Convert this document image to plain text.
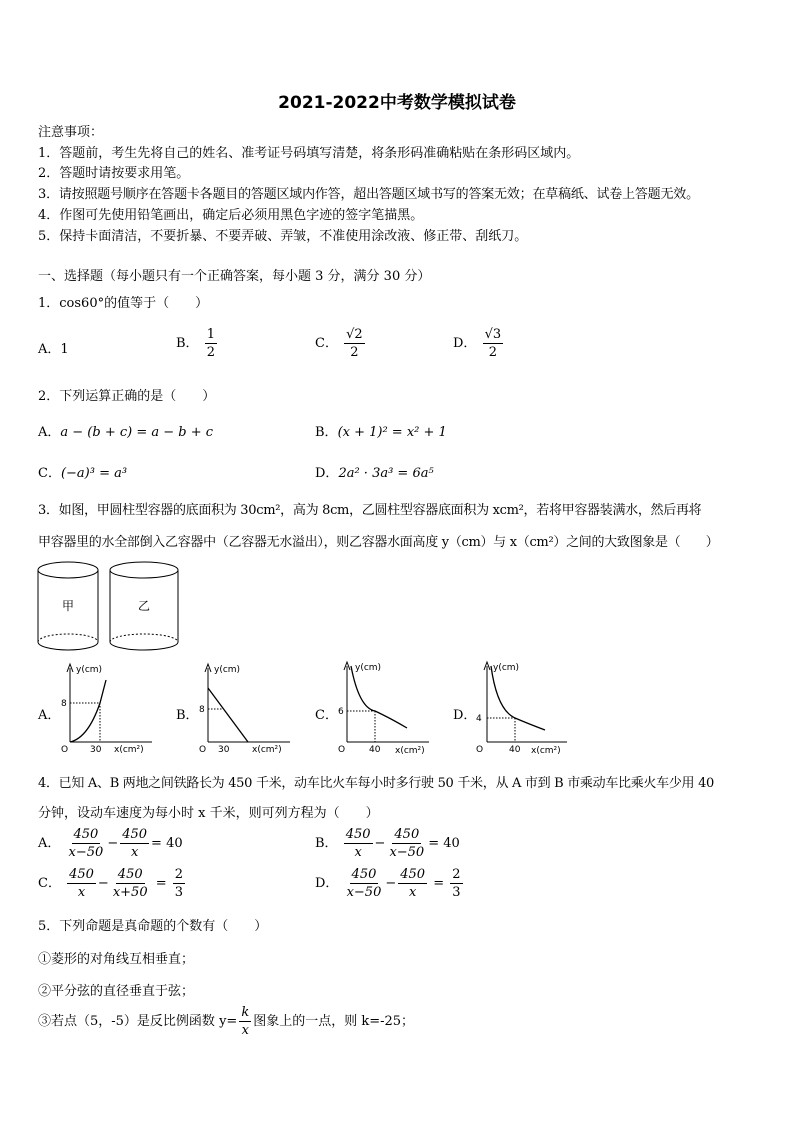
2021-2022中考数学模拟试卷
注意事项：
1．答题前，考生先将自己的姓名、准考证号码填写清楚，将条形码准确粘贴在条形码区域内。
2．答题时请按要求用笔。
3．请按照题号顺序在答题卡各题目的答题区域内作答，超出答题区域书写的答案无效；在草稿纸、试卷上答题无效。
4．作图可先使用铅笔画出，确定后必须用黑色字迹的签字笔描黑。
5．保持卡面清洁，不要折暴、不要弄破、弄皱，不准使用涂改液、修正带、刮纸刀。
一、选择题（每小题只有一个正确答案，每小题 3 分，满分 30 分）
1．cos60°的值等于（　　）
A．1	B． $\frac{1}{2}$	C． $\frac{√2}{2}$	D． $\frac{√3}{2}$
2．下列运算正确的是（　　）
A．a − (b + c) = a − b + c	B．(x + 1)² = x² + 1
C．(−a)³ = a³	D．2a² · 3a³ = 6a⁵
3．如图，甲圆柱型容器的底面积为 30cm²，高为 8cm，乙圆柱型容器底面积为 xcm²，若将甲容器装满水，然后再将
甲容器里的水全部倒入乙容器中（乙容器无水溢出），则乙容器水面高度 y（cm）与 x（cm²）之间的大致图象是（　　）
甲	乙
A．
y(cm)
x(cm²)
O
8
30
B．
y(cm)
x(cm²)
O
8
30
C．
y(cm)
x(cm²)
O
6
40
D．
y(cm)
x(cm²)
O
4
40
4．已知 A、B 两地之间铁路长为 450 千米，动车比火车每小时多行驶 50 千米，从 A 市到 B 市乘动车比乘火车少用 40
分钟，设动车速度为每小时 x 千米，则可列方程为（　　）
A． $\frac{450}{x-50} - \frac{450}{x} = 40$	B． $\frac{450}{x} - \frac{450}{x-50} = 40$
C． $\frac{450}{x} - \frac{450}{x+50} = \frac{2}{3}$	D． $\frac{450}{x-50} - \frac{450}{x} = \frac{2}{3}$
5．下列命题是真命题的个数有（　　）
①菱形的对角线互相垂直；
②平分弦的直径垂直于弦；
③若点（5，-5）是反比例函数 $y= \frac{k}{x}$ 图象上的一点，则 k=-25；
